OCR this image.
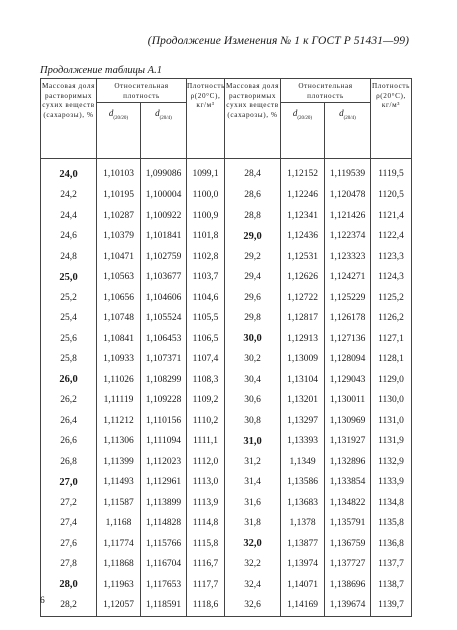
(Продолжение Изменения № 1 к ГОСТ Р 51431—99)
Продолжение таблицы А.1
Массовая доля растворимых сухих веществ (сахарозы), %	Относительная плотность		Плотность ρ(20°С), кг/м³	Массовая доля растворимых сухих веществ (сахарозы), %	Относительная плотность		Плотность ρ(20°С), кг/м³
	$d_{(20/20)}$	$d_{(20/4)}$			$d_{(20/20)}$	$d_{(20/4)}$
24,0	1,10103	1,099086	1099,1	28,4	1,12152	1,119539	1119,5
24,2	1,10195	1,100004	1100,0	28,6	1,12246	1,120478	1120,5
24,4	1,10287	1,100922	1100,9	28,8	1,12341	1,121426	1121,4
24,6	1,10379	1,101841	1101,8	29,0	1,12436	1,122374	1122,4
24,8	1,10471	1,102759	1102,8	29,2	1,12531	1,123323	1123,3
25,0	1,10563	1,103677	1103,7	29,4	1,12626	1,124271	1124,3
25,2	1,10656	1,104606	1104,6	29,6	1,12722	1,125229	1125,2
25,4	1,10748	1,105524	1105,5	29,8	1,12817	1,126178	1126,2
25,6	1,10841	1,106453	1106,5	30,0	1,12913	1,127136	1127,1
25,8	1,10933	1,107371	1107,4	30,2	1,13009	1,128094	1128,1
26,0	1,11026	1,108299	1108,3	30,4	1,13104	1,129043	1129,0
26,2	1,11119	1,109228	1109,2	30,6	1,13201	1,130011	1130,0
26,4	1,11212	1,110156	1110,2	30,8	1,13297	1,130969	1131,0
26,6	1,11306	1,111094	1111,1	31,0	1,13393	1,131927	1131,9
26,8	1,11399	1,112023	1112,0	31,2	1,1349	1,132896	1132,9
27,0	1,11493	1,112961	1113,0	31,4	1,13586	1,133854	1133,9
27,2	1,11587	1,113899	1113,9	31,6	1,13683	1,134822	1134,8
27,4	1,1168	1,114828	1114,8	31,8	1,1378	1,135791	1135,8
27,6	1,11774	1,115766	1115,8	32,0	1,13877	1,136759	1136,8
27,8	1,11868	1,116704	1116,7	32,2	1,13974	1,137727	1137,7
28,0	1,11963	1,117653	1117,7	32,4	1,14071	1,138696	1138,7
28,2	1,12057	1,118591	1118,6	32,6	1,14169	1,139674	1139,7
6
